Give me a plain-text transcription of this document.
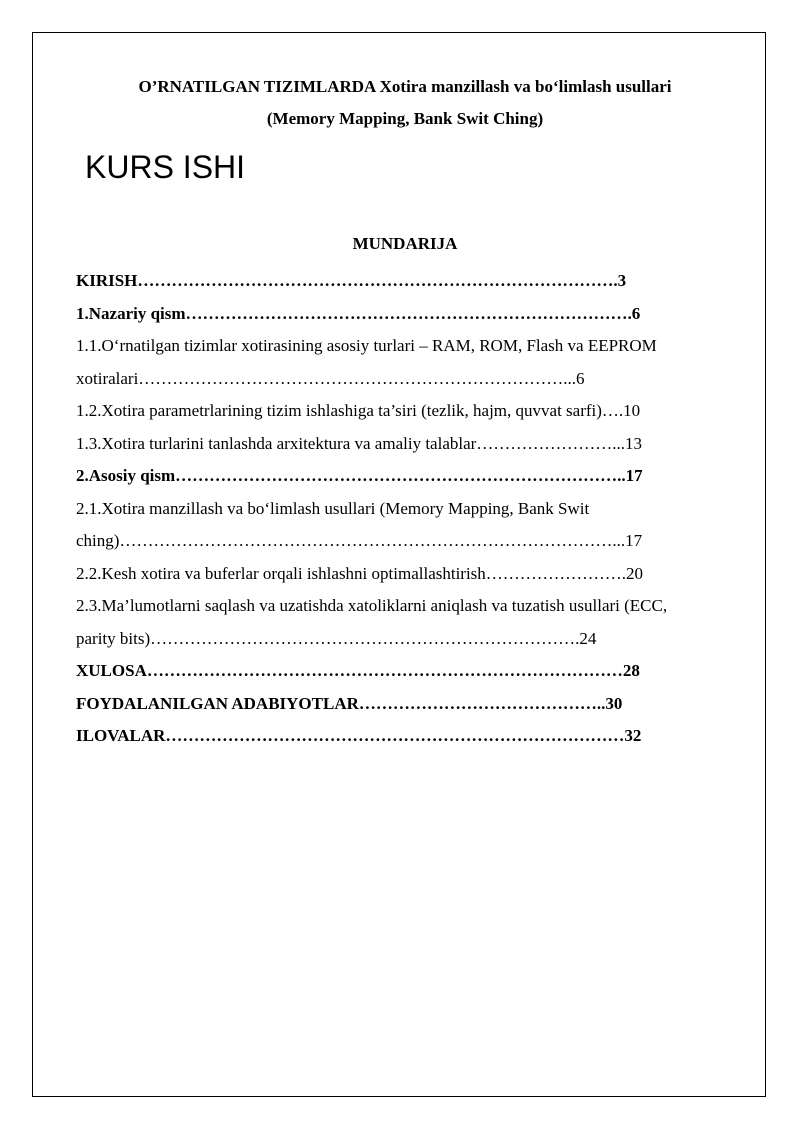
O’RNATILGAN TIZIMLARDA Xotira manzillash va bo‘limlash usullari
(Memory Mapping, Bank Swit Ching)
KURS ISHI
MUNDARIJA
KIRISH………………………………………………………………………….3
1.Nazariy qism…………………………………………………………………….6
1.1.O‘rnatilgan tizimlar xotirasining asosiy turlari – RAM, ROM, Flash va EEPROM
xotiralari…………………………………………………………………...6
1.2.Xotira parametrlarining tizim ishlashiga ta’siri (tezlik, hajm, quvvat sarfi)….10
1.3.Xotira turlarini tanlashda arxitektura va amaliy talablar……………………...13
2.Asosiy qism……………………………………………………………………..17
2.1.Xotira manzillash va bo‘limlash usullari (Memory Mapping, Bank Swit
ching)……………………………………………………………………………...17
2.2.Kesh xotira va buferlar orqali ishlashni optimallashtirish…………………….20
2.3.Ma’lumotlarni saqlash va uzatishda xatoliklarni aniqlash va tuzatish usullari (ECC,
parity bits)………………………………………………………………….24
XULOSA…………………………………………………………………………28
FOYDALANILGAN ADABIYOTLAR……………………………………..30
ILOVALAR………………………………………………………………………32
